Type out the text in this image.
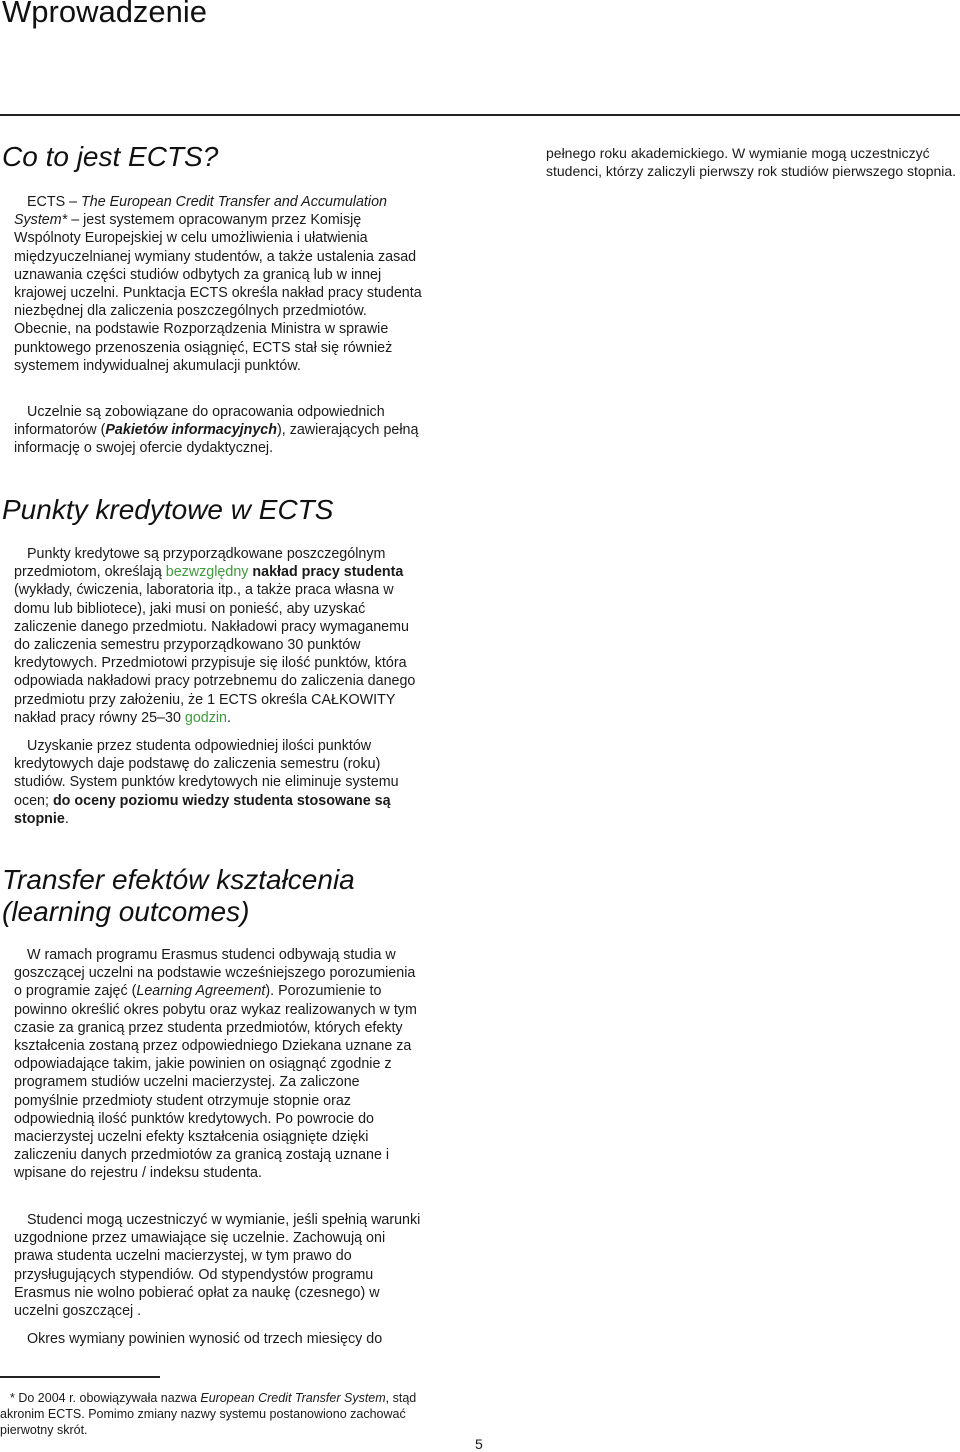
Wprowadzenie
Co to jest ECTS?

ECTS – The European Credit Transfer and Accumulation System* – jest systemem opracowanym przez Komisję Wspólnoty Europejskiej w celu umożliwienia i ułatwienia międzyuczelnianej wymiany studentów, a także ustalenia zasad uznawania części studiów odbytych za granicą lub w innej krajowej uczelni. Punktacja ECTS określa nakład pracy studenta niezbędnej dla zaliczenia poszczególnych przedmiotów. Obecnie, na podstawie Rozporządzenia Ministra w sprawie punktowego przenoszenia osiągnięć, ECTS stał się również systemem indywidualnej akumulacji punktów.

Uczelnie są zobowiązane do opracowania odpowiednich informatorów (Pakietów informacyjnych), zawierających pełną informację o swojej ofercie dydaktycznej.

Punkty kredytowe w ECTS

Punkty kredytowe są przyporządkowane poszczególnym przedmiotom, określają bezwzględny nakład pracy studenta (wykłady, ćwiczenia, laboratoria itp., a także praca własna w domu lub bibliotece), jaki musi on ponieść, aby uzyskać zaliczenie danego przedmiotu. Nakładowi pracy wymaganemu do zaliczenia semestru przyporządkowano 30 punktów kredytowych. Przedmiotowi przypisuje się ilość punktów, która odpowiada nakładowi pracy potrzebnemu do zaliczenia danego przedmiotu przy założeniu, że 1 ECTS określa CAŁKOWITY nakład pracy równy 25–30 godzin.

Uzyskanie przez studenta odpowiedniej ilości punktów kredytowych daje podstawę do zaliczenia semestru (roku) studiów. System punktów kredytowych nie eliminuje systemu ocen; do oceny poziomu wiedzy studenta stosowane są stopnie.

Transfer efektów kształcenia
(learning outcomes)

W ramach programu Erasmus studenci odbywają studia w goszczącej uczelni na podstawie wcześniejszego porozumienia o programie zajęć (Learning Agreement). Porozumienie to powinno określić okres pobytu oraz wykaz realizowanych w tym czasie za granicą przez studenta przedmiotów, których efekty kształcenia zostaną przez odpowiedniego Dziekana uznane za odpowiadające takim, jakie powinien on osiągnąć zgodnie z programem studiów uczelni macierzystej. Za zaliczone pomyślnie przedmioty student otrzymuje stopnie oraz odpowiednią ilość punktów kredytowych. Po powrocie do macierzystej uczelni efekty kształcenia osiągnięte dzięki zaliczeniu danych przedmiotów za granicą zostają uznane i wpisane do rejestru / indeksu studenta.

Studenci mogą uczestniczyć w wymianie, jeśli spełnią warunki uzgodnione przez umawiające się uczelnie. Zachowują oni prawa studenta uczelni macierzystej, w tym prawo do przysługujących stypendiów. Od stypendystów programu Erasmus nie wolno pobierać opłat za naukę (czesnego) w uczelni goszczącej .

Okres wymiany powinien wynosić od trzech miesięcy do

pełnego roku akademickiego. W wymianie mogą uczestniczyć studenci, którzy zaliczyli pierwszy rok studiów pierwszego stopnia.

* Do 2004 r. obowiązywała nazwa European Credit Transfer System, stąd akronim ECTS. Pomimo zmiany nazwy systemu postanowiono zachować pierwotny skrót.
5
